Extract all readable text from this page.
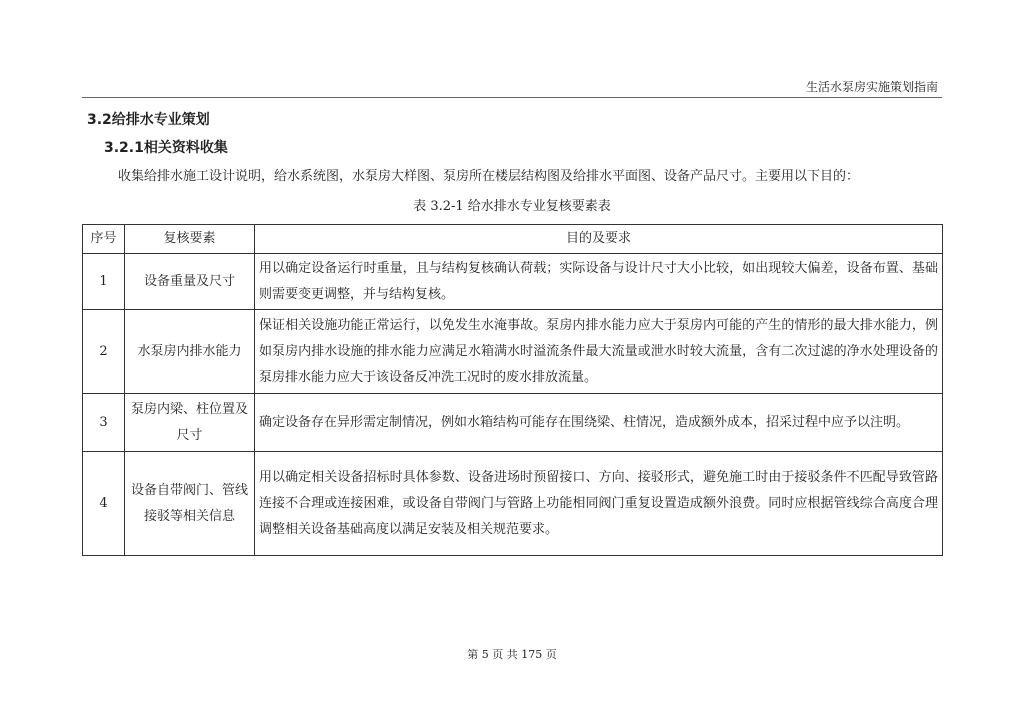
生活水泵房实施策划指南
3.2给排水专业策划
3.2.1相关资料收集
收集给排水施工设计说明，给水系统图，水泵房大样图、泵房所在楼层结构图及给排水平面图、设备产品尺寸。主要用以下目的：
表 3.2-1 给水排水专业复核要素表
序号	复核要素	目的及要求
1	设备重量及尺寸	用以确定设备运行时重量，且与结构复核确认荷载；实际设备与设计尺寸大小比较，如出现较大偏差，设备布置、基础则需要变更调整，并与结构复核。
2	水泵房内排水能力	保证相关设施功能正常运行，以免发生水淹事故。泵房内排水能力应大于泵房内可能的产生的情形的最大排水能力，例如泵房内排水设施的排水能力应满足水箱满水时溢流条件最大流量或泄水时较大流量，含有二次过滤的净水处理设备的泵房排水能力应大于该设备反冲洗工况时的废水排放流量。
3	泵房内梁、柱位置及尺寸	确定设备存在异形需定制情况，例如水箱结构可能存在围绕梁、柱情况，造成额外成本，招采过程中应予以注明。
4	设备自带阀门、管线接驳等相关信息	用以确定相关设备招标时具体参数、设备进场时预留接口、方向、接驳形式，避免施工时由于接驳条件不匹配导致管路连接不合理或连接困难，或设备自带阀门与管路上功能相同阀门重复设置造成额外浪费。同时应根据管线综合高度合理调整相关设备基础高度以满足安装及相关规范要求。
第 5 页 共 175 页
